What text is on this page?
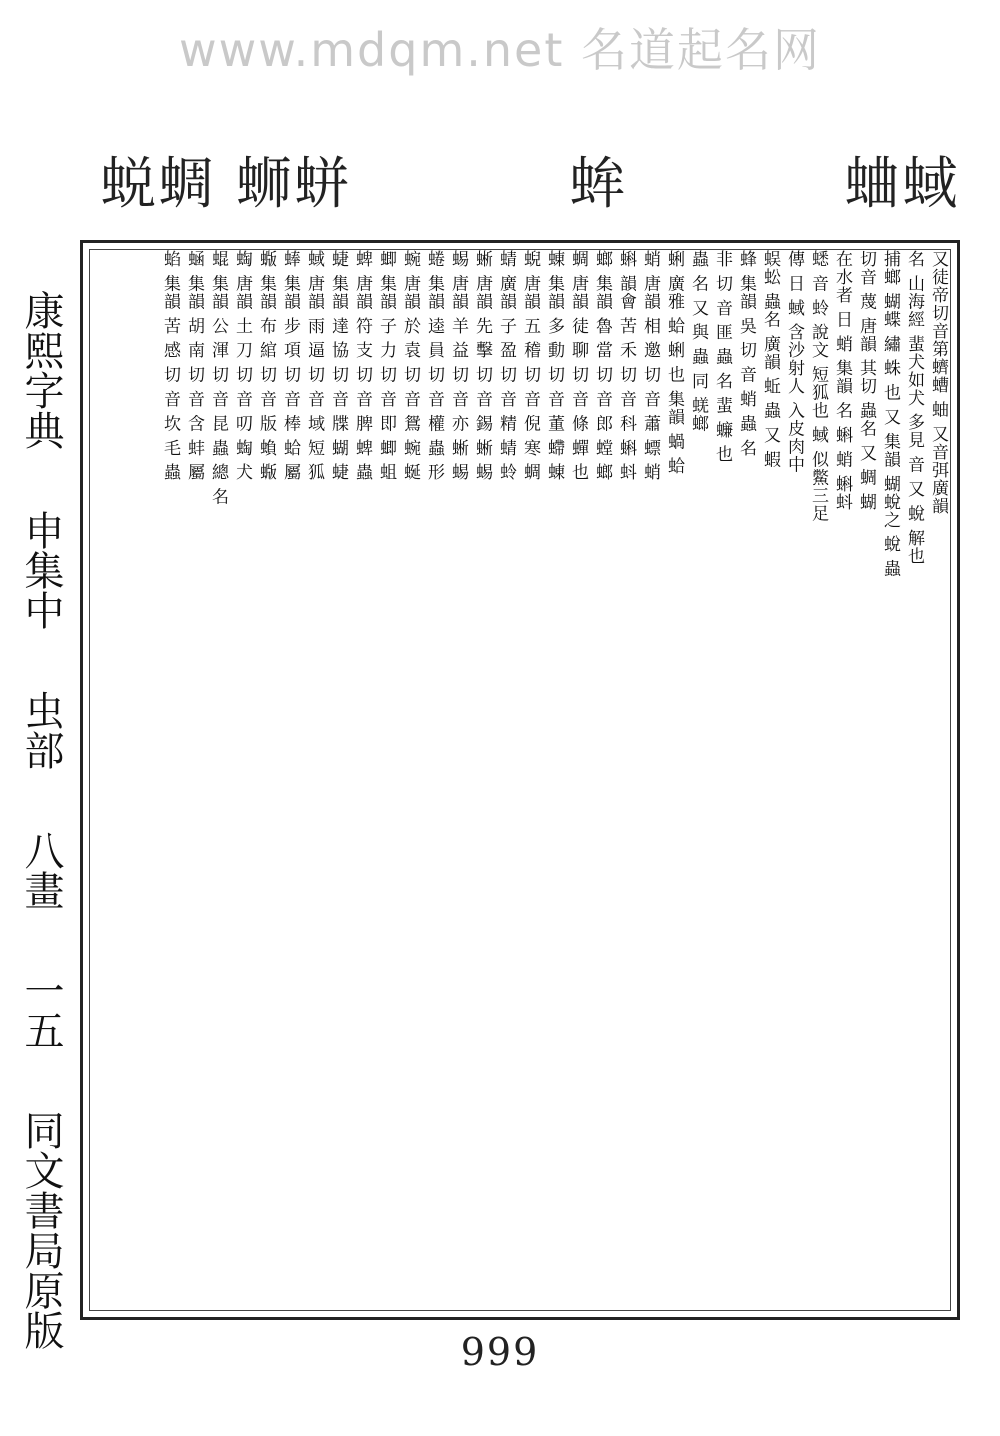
www.mdqm.net 名道起名网
蜕蜩 蛳蛢	蛑	蛐蜮
康熙字典
申集中
虫部
八畫
一五
同文書局原版
又徒帝切音第蠐螬 蚰 又音弭廣韻
名 山海經 蜚犬如犬 多見 音 又 蛻 解也
捕螂 蝴蝶 繡 蛛 也 又 集韻 蝴蛻之 蛻 蟲
切音 蔑 唐韻 其切 蟲名 又 蜩 蝴
在水者 日 蛸 集韻 名 蝌 蛸 蝌蚪
蟋 音 蛉 說文 短狐也 蜮 似鱉三足
傳 日 蜮 含沙射人 入皮肉中
蜈蚣 蟲名 廣韻 蚯 蟲 又 蝦
蜂 集韻 吳 切 音 蛸 蟲 名
非 切 音 匪 蟲 名 蜚 蠊 也
蟲 名 又 與 蟲 同 蜣螂
蜊 廣雅 蛤 蜊 也 集韻 蝸 蛤
蛸 唐韻 相 邀 切 音 蕭 螵 蛸
蝌 韻會 苦 禾 切 音 科 蝌 蚪
螂 集韻 魯 當 切 音 郎 螳 螂
蜩 唐韻 徒 聊 切 音 條 蟬 也
蝀 集韻 多 動 切 音 董 螮 蝀
蜺 唐韻 五 稽 切 音 倪 寒 蜩
蜻 廣韻 子 盈 切 音 精 蜻 蛉
蜥 唐韻 先 擊 切 音 錫 蜥 蜴
蜴 唐韻 羊 益 切 音 亦 蜥 蜴
蜷 集韻 逵 員 切 音 權 蟲 形
蜿 唐韻 於 袁 切 音 鴛 蜿 蜒
蝍 集韻 子 力 切 音 即 蝍 蛆
蜱 唐韻 符 支 切 音 脾 蜱 蟲
蜨 集韻 達 協 切 音 牒 蝴 蜨
蜮 唐韻 雨 逼 切 音 域 短 狐
蜯 集韻 步 項 切 音 棒 蛤 屬
蝂 集韻 布 綰 切 音 版 蝜 蝂
蜪 唐韻 土 刀 切 音 叨 蜪 犬
蜫 集韻 公 渾 切 音 昆 蟲 總 名
蜬 集韻 胡 南 切 音 含 蚌 屬
蜭 集韻 苦 感 切 音 坎 毛 蟲
999
